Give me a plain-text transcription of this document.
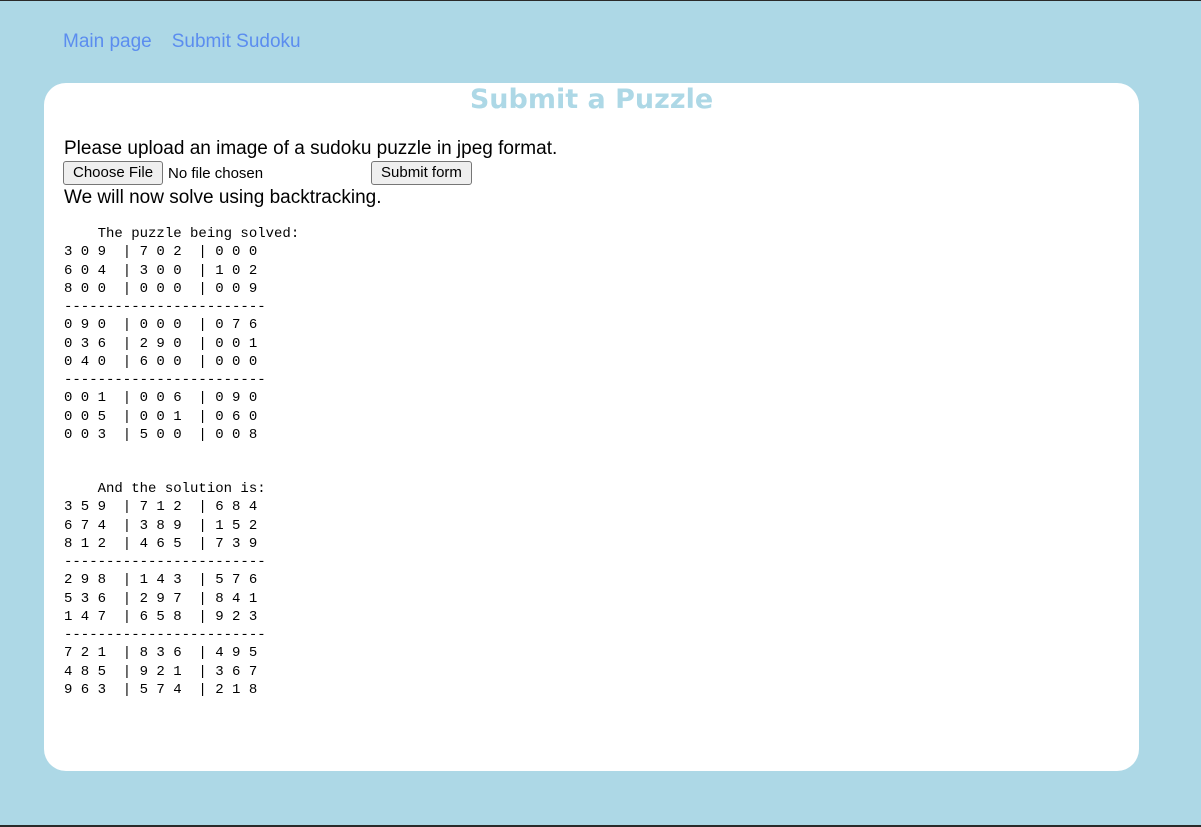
Main page Submit Sudoku
Submit a Puzzle
Please upload an image of a sudoku puzzle in jpeg format.
Choose File	No file chosen	Submit form
We will now solve using backtracking.
The puzzle being solved:
3 0 9  | 7 0 2  | 0 0 0
6 0 4  | 3 0 0  | 1 0 2
8 0 0  | 0 0 0  | 0 0 9
------------------------
0 9 0  | 0 0 0  | 0 7 6
0 3 6  | 2 9 0  | 0 0 1
0 4 0  | 6 0 0  | 0 0 0
------------------------
0 0 1  | 0 0 6  | 0 9 0
0 0 5  | 0 0 1  | 0 6 0
0 0 3  | 5 0 0  | 0 0 8
And the solution is:
3 5 9  | 7 1 2  | 6 8 4
6 7 4  | 3 8 9  | 1 5 2
8 1 2  | 4 6 5  | 7 3 9
------------------------
2 9 8  | 1 4 3  | 5 7 6
5 3 6  | 2 9 7  | 8 4 1
1 4 7  | 6 5 8  | 9 2 3
------------------------
7 2 1  | 8 3 6  | 4 9 5
4 8 5  | 9 2 1  | 3 6 7
9 6 3  | 5 7 4  | 2 1 8
